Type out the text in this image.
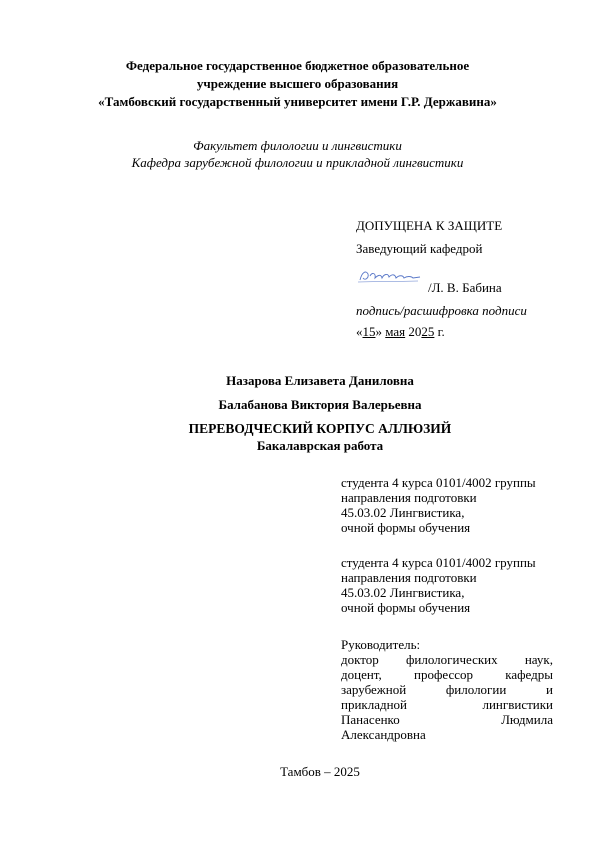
Федеральное государственное бюджетное образовательное
учреждение высшего образования
«Тамбовский государственный университет имени Г.Р. Державина»
Факультет филологии и лингвистики
Кафедра зарубежной филологии и прикладной лингвистики
ДОПУЩЕНА К ЗАЩИТЕ
Заведующий кафедрой
/Л. В. Бабина
подпись/расшифровка подписи
«15» мая 2025 г.
Назарова Елизавета Даниловна
Балабанова Виктория Валерьевна
ПЕРЕВОДЧЕСКИЙ КОРПУС АЛЛЮЗИЙ
Бакалаврская работа
студента 4 курса 0101/4002 группы
направления подготовки
45.03.02 Лингвистика,
очной формы обучения
студента 4 курса 0101/4002 группы
направления подготовки
45.03.02 Лингвистика,
очной формы обучения
Руководитель:
доктор филологических наук,
доцент, профессор кафедры
зарубежной	филологии	и
прикладной	лингвистики
Панасенко	Людмила
Александровна
Тамбов – 2025
